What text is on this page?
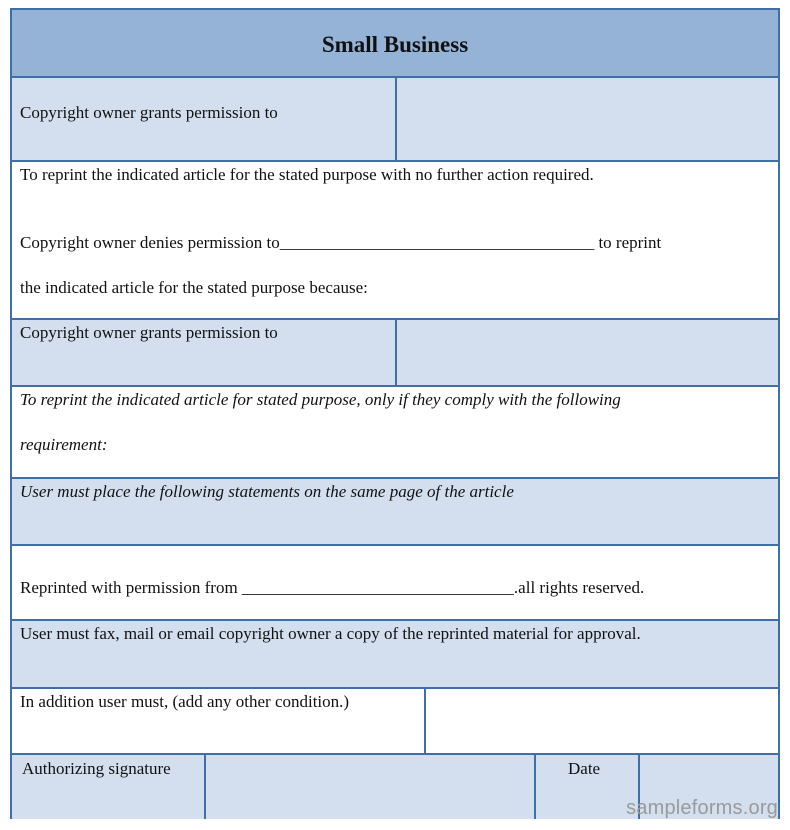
Small Business
Copyright owner grants permission to
To reprint the indicated article for the stated purpose with no further action required.
Copyright owner denies permission to_____________________________________ to reprint
the indicated article for the stated purpose because:
Copyright owner grants permission to
To reprint the indicated article for stated purpose, only if they comply with the following
requirement:
User must place the following statements on the same page of the article
Reprinted with permission from ________________________________.all rights reserved.
User must fax, mail or email copyright owner a copy of the reprinted material for approval.
In addition user must, (add any other condition.)
Authorizing signature	Date
sampleforms.org
